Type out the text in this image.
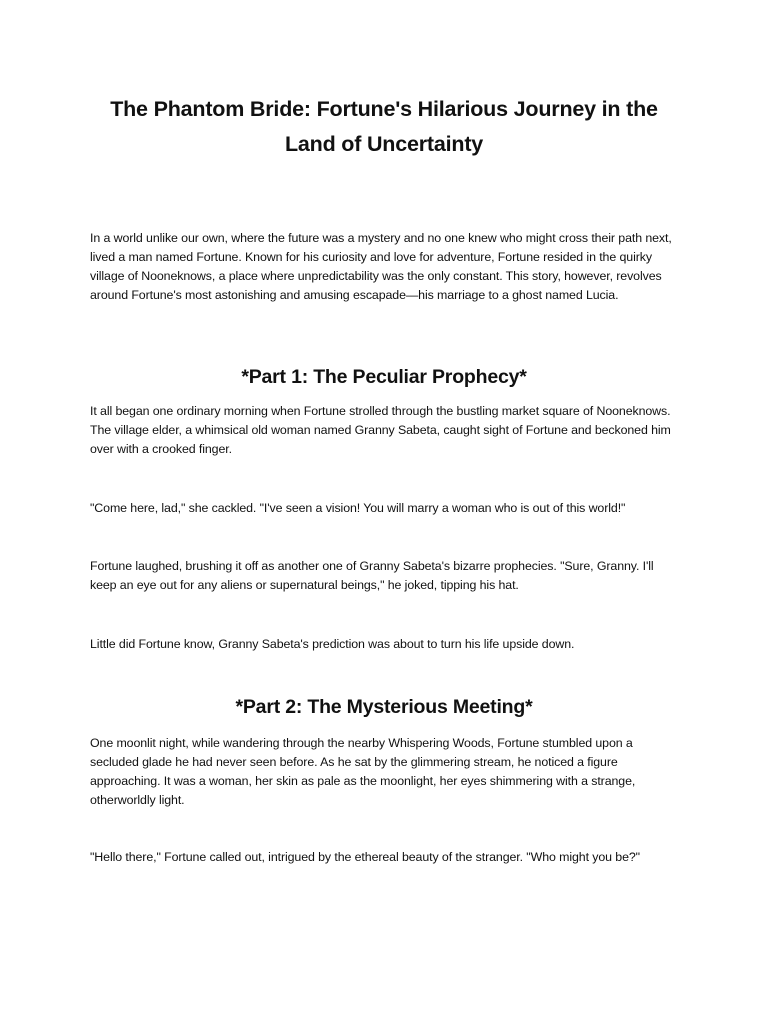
The Phantom Bride: Fortune's Hilarious Journey in the Land of Uncertainty

In a world unlike our own, where the future was a mystery and no one knew who might cross their path next, lived a man named Fortune. Known for his curiosity and love for adventure, Fortune resided in the quirky village of Nooneknows, a place where unpredictability was the only constant. This story, however, revolves around Fortune's most astonishing and amusing escapade—his marriage to a ghost named Lucia.

*Part 1: The Peculiar Prophecy*

It all began one ordinary morning when Fortune strolled through the bustling market square of Nooneknows. The village elder, a whimsical old woman named Granny Sabeta, caught sight of Fortune and beckoned him over with a crooked finger.

"Come here, lad," she cackled. "I've seen a vision! You will marry a woman who is out of this world!"

Fortune laughed, brushing it off as another one of Granny Sabeta's bizarre prophecies. "Sure, Granny. I'll keep an eye out for any aliens or supernatural beings," he joked, tipping his hat.

Little did Fortune know, Granny Sabeta's prediction was about to turn his life upside down.

*Part 2: The Mysterious Meeting*

One moonlit night, while wandering through the nearby Whispering Woods, Fortune stumbled upon a secluded glade he had never seen before. As he sat by the glimmering stream, he noticed a figure approaching. It was a woman, her skin as pale as the moonlight, her eyes shimmering with a strange, otherworldly light.

"Hello there," Fortune called out, intrigued by the ethereal beauty of the stranger. "Who might you be?"
